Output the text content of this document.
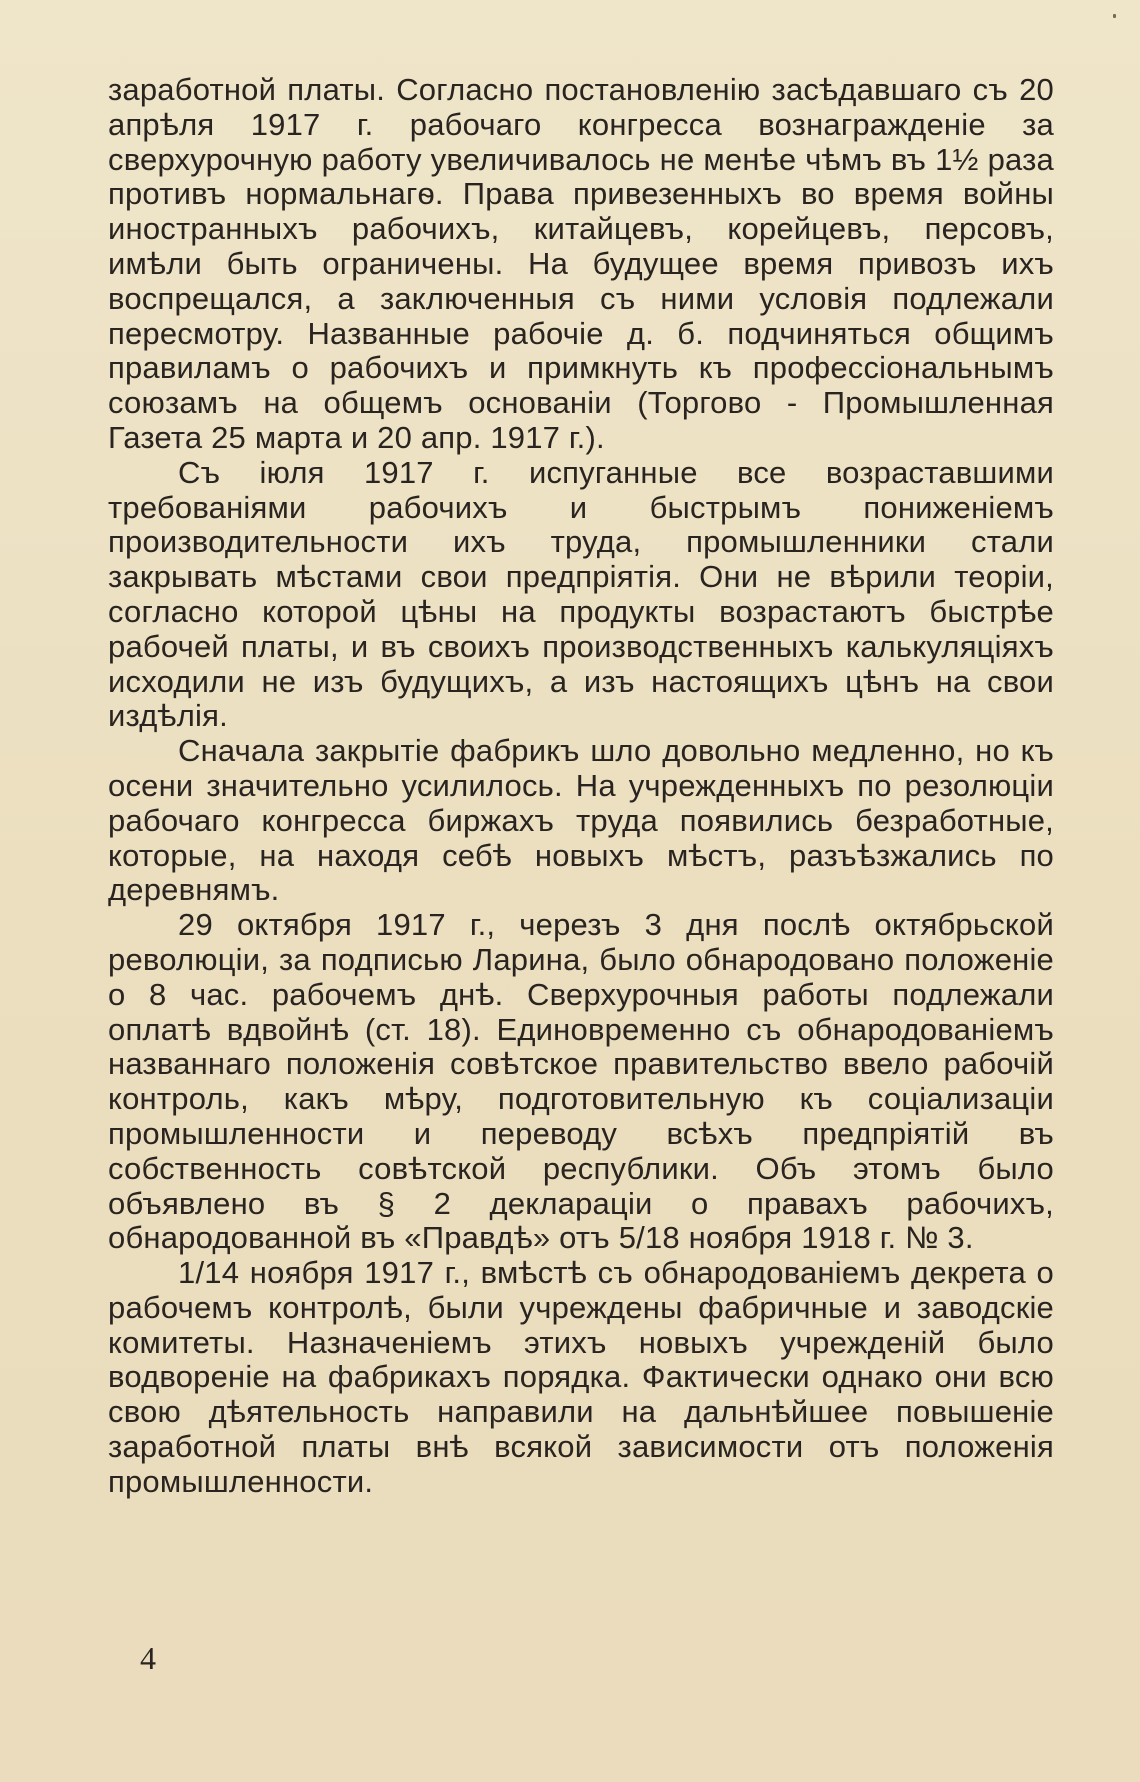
заработной платы. Согласно постановленію засѣдавшаго съ 20 апрѣля 1917 г. рабочаго конгресса вознагражденіе за сверхурочную работу увеличивалось не менѣе чѣмъ въ 1½ раза противъ нормальнагѳ. Права привезенныхъ во время войны иностранныхъ рабочихъ, китайцевъ, корейцевъ, персовъ, имѣли быть ограничены. На будущее время привозъ ихъ воспрещался, а заключенныя съ ними условія подлежали пересмотру. Названные рабочіе д. б. подчиняться общимъ правиламъ о рабочихъ и примкнуть къ профессіональнымъ союзамъ на общемъ основаніи (Торгово - Промышленная Газета 25 марта и 20 апр. 1917 г.).

Съ іюля 1917 г. испуганные все возраставшими требованіями рабочихъ и быстрымъ пониженіемъ производительности ихъ труда, промышленники стали закрывать мѣстами свои предпріятія. Они не вѣрили теоріи, согласно которой цѣны на продукты возрастаютъ быстрѣе рабочей платы, и въ своихъ производственныхъ калькуляціяхъ исходили не изъ будущихъ, а изъ настоящихъ цѣнъ на свои издѣлія.

Сначала закрытіе фабрикъ шло довольно медленно, но къ осени значительно усилилось. На учрежденныхъ по резолюціи рабочаго конгресса биржахъ труда появились безработные, которые, на находя себѣ новыхъ мѣстъ, разъѣзжались по деревнямъ.

29 октября 1917 г., черезъ 3 дня послѣ октябрьской революціи, за подписью Ларина, было обнародовано положеніе о 8 час. рабочемъ днѣ. Сверхурочныя работы подлежали оплатѣ вдвойнѣ (ст. 18). Единовременно съ обнародованіемъ названнаго положенія совѣтское правительство ввело рабочій контроль, какъ мѣру, подготовительную къ соціализаціи промышленности и переводу всѣхъ предпріятій въ собственность совѣтской республики. Объ этомъ было объявлено въ § 2 декларацiи о правахъ рабочихъ, обнародованной въ «Правдѣ» отъ 5/18 ноября 1918 г. № 3.

1/14 ноября 1917 г., вмѣстѣ съ обнародованіемъ декрета о рабочемъ контролѣ, были учреждены фабричные и заводскіе комитеты. Назначеніемъ этихъ новыхъ учрежденій было водвореніе на фабрикахъ порядка. Фактически однако они всю свою дѣятельность направили на дальнѣйшее повышеніе заработной платы внѣ всякой зависимости отъ положенія промышленности.

4
